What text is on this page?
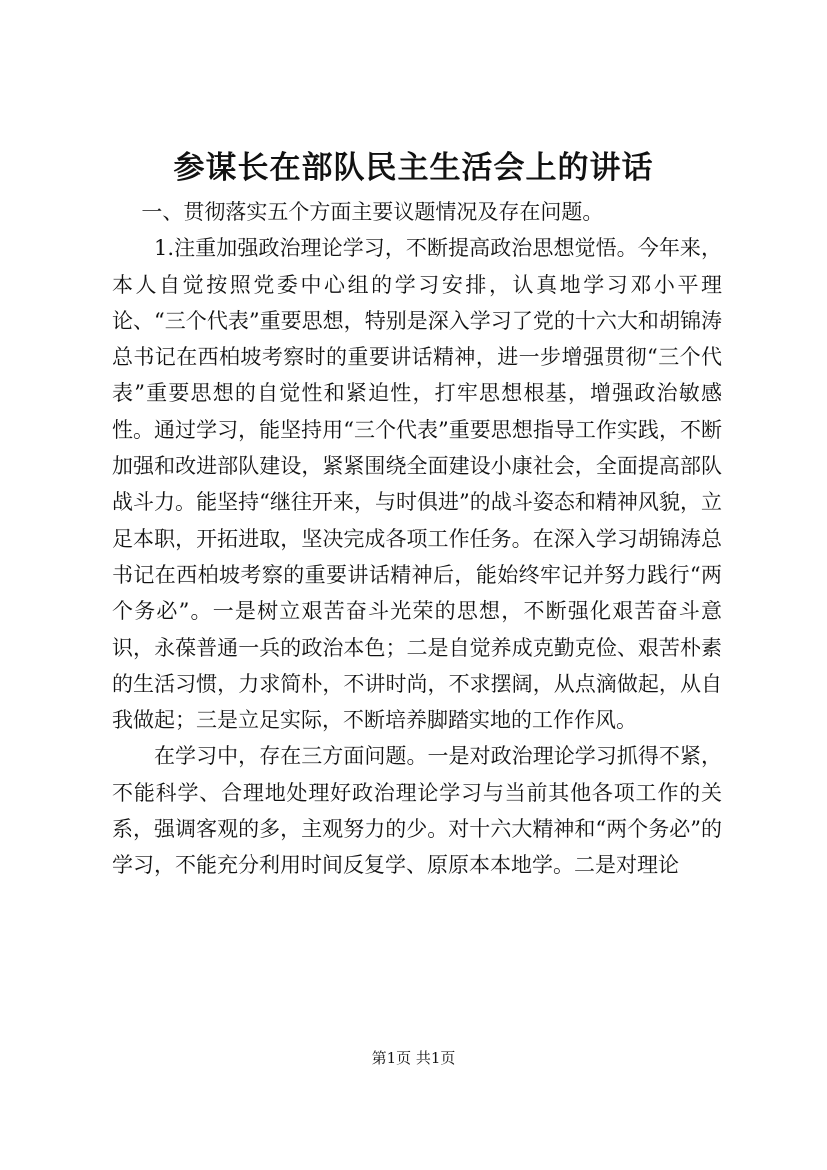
参谋长在部队民主生活会上的讲话

一、贯彻落实五个方面主要议题情况及存在问题。

1.注重加强政治理论学习，不断提高政治思想觉悟。今年来，本人自觉按照党委中心组的学习安排，认真地学习邓小平理论、“三个代表”重要思想，特别是深入学习了党的十六大和胡锦涛总书记在西柏坡考察时的重要讲话精神，进一步增强贯彻“三个代表”重要思想的自觉性和紧迫性，打牢思想根基，增强政治敏感性。通过学习，能坚持用“三个代表”重要思想指导工作实践，不断加强和改进部队建设，紧紧围绕全面建设小康社会，全面提高部队战斗力。能坚持“继往开来，与时俱进”的战斗姿态和精神风貌，立足本职，开拓进取，坚决完成各项工作任务。在深入学习胡锦涛总书记在西柏坡考察的重要讲话精神后，能始终牢记并努力践行“两个务必”。一是树立艰苦奋斗光荣的思想，不断强化艰苦奋斗意识，永葆普通一兵的政治本色；二是自觉养成克勤克俭、艰苦朴素的生活习惯，力求简朴，不讲时尚，不求摆阔，从点滴做起，从自我做起；三是立足实际，不断培养脚踏实地的工作作风。

在学习中，存在三方面问题。一是对政治理论学习抓得不紧，不能科学、合理地处理好政治理论学习与当前其他各项工作的关系，强调客观的多，主观努力的少。对十六大精神和“两个务必”的学习，不能充分利用时间反复学、原原本本地学。二是对理论

第1页 共1页
